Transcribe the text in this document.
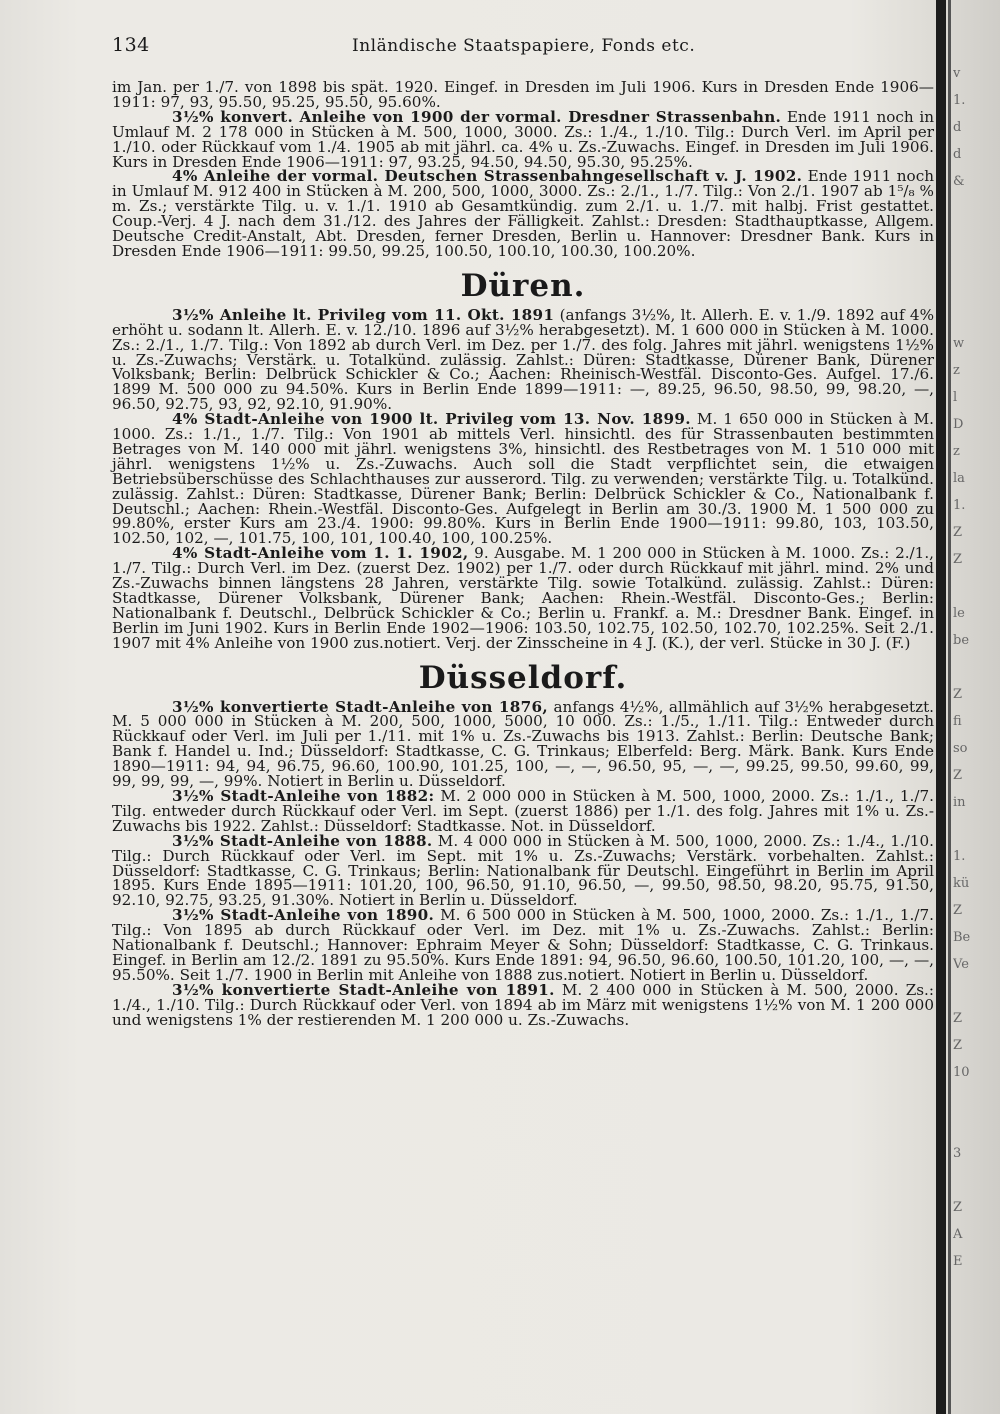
134	Inländische Staatspapiere, Fonds etc.

im Jan. per 1./7. von 1898 bis spät. 1920. Eingef. in Dresden im Juli 1906. Kurs in Dresden Ende 1906—1911: 97, 93, 95.50, 95.25, 95.50, 95.60%.

3½% konvert. Anleihe von 1900 der vormal. Dresdner Strassenbahn. Ende 1911 noch in Umlauf M. 2 178 000 in Stücken à M. 500, 1000, 3000. Zs.: 1./4., 1./10. Tilg.: Durch Verl. im April per 1./10. oder Rückkauf vom 1./4. 1905 ab mit jährl. ca. 4% u. Zs.-Zuwachs. Eingef. in Dresden im Juli 1906. Kurs in Dresden Ende 1906—1911: 97, 93.25, 94.50, 94.50, 95.30, 95.25%.

4% Anleihe der vormal. Deutschen Strassenbahngesellschaft v. J. 1902. Ende 1911 noch in Umlauf M. 912 400 in Stücken à M. 200, 500, 1000, 3000. Zs.: 2./1., 1./7. Tilg.: Von 2./1. 1907 ab 1⁵/₈ % m. Zs.; verstärkte Tilg. u. v. 1./1. 1910 ab Gesamtkündig. zum 2./1. u. 1./7. mit halbj. Frist gestattet. Coup.-Verj. 4 J. nach dem 31./12. des Jahres der Fälligkeit. Zahlst.: Dresden: Stadthauptkasse, Allgem. Deutsche Credit-Anstalt, Abt. Dresden, ferner Dresden, Berlin u. Hannover: Dresdner Bank. Kurs in Dresden Ende 1906—1911: 99.50, 99.25, 100.50, 100.10, 100.30, 100.20%.

Düren.

3½% Anleihe lt. Privileg vom 11. Okt. 1891 (anfangs 3½%, lt. Allerh. E. v. 1./9. 1892 auf 4% erhöht u. sodann lt. Allerh. E. v. 12./10. 1896 auf 3½% herabgesetzt). M. 1 600 000 in Stücken à M. 1000. Zs.: 2./1., 1./7. Tilg.: Von 1892 ab durch Verl. im Dez. per 1./7. des folg. Jahres mit jährl. wenigstens 1½% u. Zs.-Zuwachs; Verstärk. u. Totalkünd. zulässig. Zahlst.: Düren: Stadtkasse, Dürener Bank, Dürener Volksbank; Berlin: Delbrück Schickler & Co.; Aachen: Rheinisch-Westfäl. Disconto-Ges. Aufgel. 17./6. 1899 M. 500 000 zu 94.50%. Kurs in Berlin Ende 1899—1911: —, 89.25, 96.50, 98.50, 99, 98.20, —, 96.50, 92.75, 93, 92, 92.10, 91.90%.

4% Stadt-Anleihe von 1900 lt. Privileg vom 13. Nov. 1899. M. 1 650 000 in Stücken à M. 1000. Zs.: 1./1., 1./7. Tilg.: Von 1901 ab mittels Verl. hinsichtl. des für Strassenbauten bestimmten Betrages von M. 140 000 mit jährl. wenigstens 3%, hinsichtl. des Restbetrages von M. 1 510 000 mit jährl. wenigstens 1½% u. Zs.-Zuwachs. Auch soll die Stadt verpflichtet sein, die etwaigen Betriebsüberschüsse des Schlachthauses zur ausserord. Tilg. zu verwenden; verstärkte Tilg. u. Totalkünd. zulässig. Zahlst.: Düren: Stadtkasse, Dürener Bank; Berlin: Delbrück Schickler & Co., Nationalbank f. Deutschl.; Aachen: Rhein.-Westfäl. Disconto-Ges. Aufgelegt in Berlin am 30./3. 1900 M. 1 500 000 zu 99.80%, erster Kurs am 23./4. 1900: 99.80%. Kurs in Berlin Ende 1900—1911: 99.80, 103, 103.50, 102.50, 102, —, 101.75, 100, 101, 100.40, 100, 100.25%.

4% Stadt-Anleihe vom 1. 1. 1902, 9. Ausgabe. M. 1 200 000 in Stücken à M. 1000. Zs.: 2./1., 1./7. Tilg.: Durch Verl. im Dez. (zuerst Dez. 1902) per 1./7. oder durch Rückkauf mit jährl. mind. 2% und Zs.-Zuwachs binnen längstens 28 Jahren, verstärkte Tilg. sowie Totalkünd. zulässig. Zahlst.: Düren: Stadtkasse, Dürener Volksbank, Dürener Bank; Aachen: Rhein.-Westfäl. Disconto-Ges.; Berlin: Nationalbank f. Deutschl., Delbrück Schickler & Co.; Berlin u. Frankf. a. M.: Dresdner Bank. Eingef. in Berlin im Juni 1902. Kurs in Berlin Ende 1902—1906: 103.50, 102.75, 102.50, 102.70, 102.25%. Seit 2./1. 1907 mit 4% Anleihe von 1900 zus.notiert. Verj. der Zinsscheine in 4 J. (K.), der verl. Stücke in 30 J. (F.)

Düsseldorf.

3½% konvertierte Stadt-Anleihe von 1876, anfangs 4½%, allmählich auf 3½% herabgesetzt. M. 5 000 000 in Stücken à M. 200, 500, 1000, 5000, 10 000. Zs.: 1./5., 1./11. Tilg.: Entweder durch Rückkauf oder Verl. im Juli per 1./11. mit 1% u. Zs.-Zuwachs bis 1913. Zahlst.: Berlin: Deutsche Bank; Bank f. Handel u. Ind.; Düsseldorf: Stadtkasse, C. G. Trinkaus; Elberfeld: Berg. Märk. Bank. Kurs Ende 1890—1911: 94, 94, 96.75, 96.60, 100.90, 101.25, 100, —, —, 96.50, 95, —, —, 99.25, 99.50, 99.60, 99, 99, 99, 99, —, 99%. Notiert in Berlin u. Düsseldorf.

3½% Stadt-Anleihe von 1882: M. 2 000 000 in Stücken à M. 500, 1000, 2000. Zs.: 1./1., 1./7. Tilg. entweder durch Rückkauf oder Verl. im Sept. (zuerst 1886) per 1./1. des folg. Jahres mit 1% u. Zs.-Zuwachs bis 1922. Zahlst.: Düsseldorf: Stadtkasse. Not. in Düsseldorf.

3½% Stadt-Anleihe von 1888. M. 4 000 000 in Stücken à M. 500, 1000, 2000. Zs.: 1./4., 1./10. Tilg.: Durch Rückkauf oder Verl. im Sept. mit 1% u. Zs.-Zuwachs; Verstärk. vorbehalten. Zahlst.: Düsseldorf: Stadtkasse, C. G. Trinkaus; Berlin: Nationalbank für Deutschl. Eingeführt in Berlin im April 1895. Kurs Ende 1895—1911: 101.20, 100, 96.50, 91.10, 96.50, —, 99.50, 98.50, 98.20, 95.75, 91.50, 92.10, 92.75, 93.25, 91.30%. Notiert in Berlin u. Düsseldorf.

3½% Stadt-Anleihe von 1890. M. 6 500 000 in Stücken à M. 500, 1000, 2000. Zs.: 1./1., 1./7. Tilg.: Von 1895 ab durch Rückkauf oder Verl. im Dez. mit 1% u. Zs.-Zuwachs. Zahlst.: Berlin: Nationalbank f. Deutschl.; Hannover: Ephraim Meyer & Sohn; Düsseldorf: Stadtkasse, C. G. Trinkaus. Eingef. in Berlin am 12./2. 1891 zu 95.50%. Kurs Ende 1891: 94, 96.50, 96.60, 100.50, 101.20, 100, —, —, 95.50%. Seit 1./7. 1900 in Berlin mit Anleihe von 1888 zus.notiert. Notiert in Berlin u. Düsseldorf.

3½% konvertierte Stadt-Anleihe von 1891. M. 2 400 000 in Stücken à M. 500, 2000. Zs.: 1./4., 1./10. Tilg.: Durch Rückkauf oder Verl. von 1894 ab im März mit wenigstens 1½% von M. 1 200 000 und wenigstens 1% der restierenden M. 1 200 000 u. Zs.-Zuwachs.

v
1.
d
d
&

w
z
l
D
z
la
1.
Z
Z

le
be

Z
fi
so
Z
in

1.
kü
Z
Be
Ve

Z
Z
10

3

Z
A
E
